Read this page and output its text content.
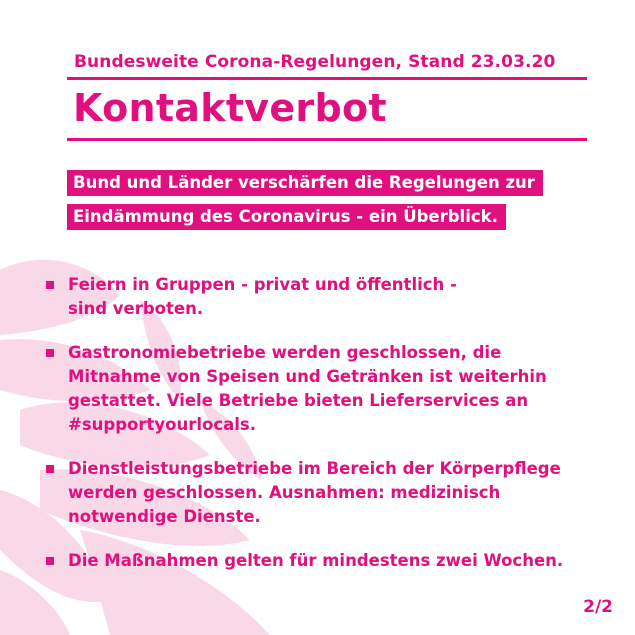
Bundesweite Corona-Regelungen, Stand 23.03.20
Kontaktverbot
Bund und Länder verschärfen die Regelungen zur
Eindämmung des Coronavirus - ein Überblick.
Feiern in Gruppen - privat und öffentlich -
sind verboten.
Gastronomiebetriebe werden geschlossen, die
Mitnahme von Speisen und Getränken ist weiterhin
gestattet. Viele Betriebe bieten Lieferservices an
#supportyourlocals.
Dienstleistungsbetriebe im Bereich der Körperpflege
werden geschlossen. Ausnahmen: medizinisch
notwendige Dienste.
Die Maßnahmen gelten für mindestens zwei Wochen.
2/2
